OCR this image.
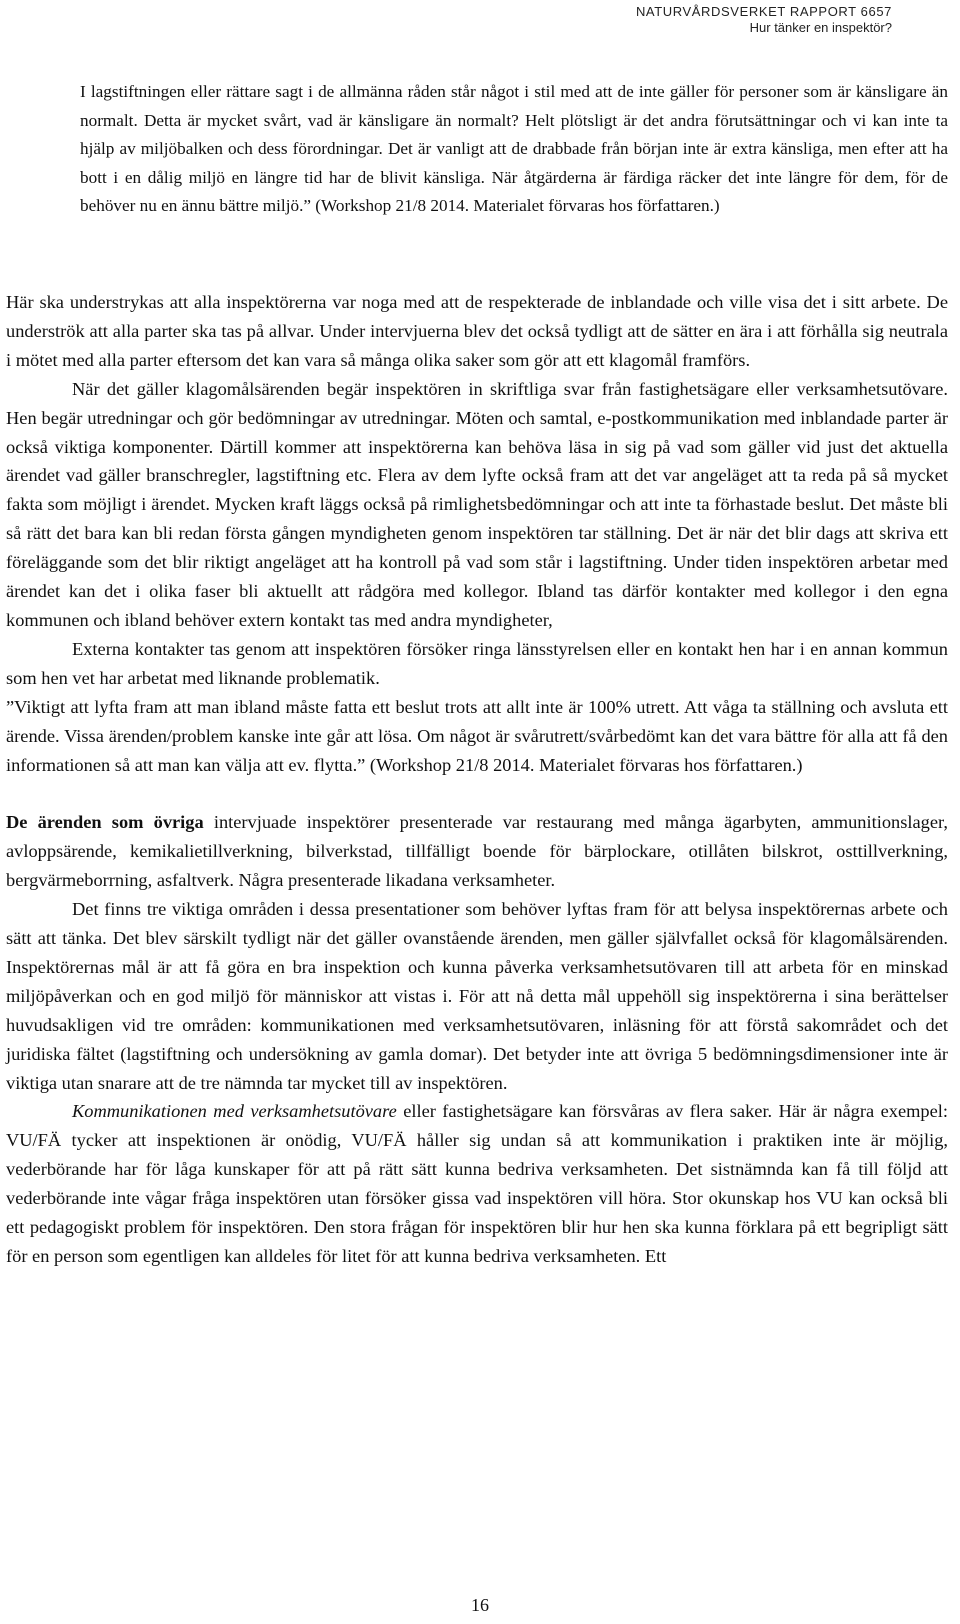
NATURVÅRDSVERKET RAPPORT 6657
Hur tänker en inspektör?

I lagstiftningen eller rättare sagt i de allmänna råden står något i stil med att de inte gäller för personer som är känsligare än normalt. Detta är mycket svårt, vad är känsligare än normalt? Helt plötsligt är det andra förutsättningar och vi kan inte ta hjälp av miljöbalken och dess förordningar. Det är vanligt att de drabbade från början inte är extra känsliga, men efter att ha bott i en dålig miljö en längre tid har de blivit känsliga. När åtgärderna är färdiga räcker det inte längre för dem, för de behöver nu en ännu bättre miljö.” (Workshop 21/8 2014. Materialet förvaras hos författaren.)

Här ska understrykas att alla inspektörerna var noga med att de respekterade de inblandade och ville visa det i sitt arbete. De underströk att alla parter ska tas på allvar. Under intervjuerna blev det också tydligt att de sätter en ära i att förhålla sig neutrala i mötet med alla parter eftersom det kan vara så många olika saker som gör att ett klagomål framförs.

När det gäller klagomålsärenden begär inspektören in skriftliga svar från fastighetsägare eller verksamhetsutövare. Hen begär utredningar och gör bedömningar av utredningar. Möten och samtal, e-postkommunikation med inblandade parter är också viktiga komponenter. Därtill kommer att inspektörerna kan behöva läsa in sig på vad som gäller vid just det aktuella ärendet vad gäller branschregler, lagstiftning etc. Flera av dem lyfte också fram att det var angeläget att ta reda på så mycket fakta som möjligt i ärendet. Mycken kraft läggs också på rimlighetsbedömningar och att inte ta förhastade beslut. Det måste bli så rätt det bara kan bli redan första gången myndigheten genom inspektören tar ställning. Det är när det blir dags att skriva ett föreläggande som det blir riktigt angeläget att ha kontroll på vad som står i lagstiftning. Under tiden inspektören arbetar med ärendet kan det i olika faser bli aktuellt att rådgöra med kollegor. Ibland tas därför kontakter med kollegor i den egna kommunen och ibland behöver extern kontakt tas med andra myndigheter,

Externa kontakter tas genom att inspektören försöker ringa länsstyrelsen eller en kontakt hen har i en annan kommun som hen vet har arbetat med liknande problematik.

”Viktigt att lyfta fram att man ibland måste fatta ett beslut trots att allt inte är 100% utrett. Att våga ta ställning och avsluta ett ärende. Vissa ärenden/problem kanske inte går att lösa. Om något är svårutrett/svårbedömt kan det vara bättre för alla att få den informationen så att man kan välja att ev. flytta.” (Workshop 21/8 2014. Materialet förvaras hos författaren.)

De ärenden som övriga intervjuade inspektörer presenterade var restaurang med många ägarbyten, ammunitionslager, avloppsärende, kemikalietillverkning, bilverkstad, tillfälligt boende för bärplockare, otillåten bilskrot, osttillverkning, bergvärmeborrning, asfaltverk. Några presenterade likadana verksamheter.

Det finns tre viktiga områden i dessa presentationer som behöver lyftas fram för att belysa inspektörernas arbete och sätt att tänka. Det blev särskilt tydligt när det gäller ovanstående ärenden, men gäller självfallet också för klagomålsärenden. Inspektörernas mål är att få göra en bra inspektion och kunna påverka verksamhetsutövaren till att arbeta för en minskad miljöpåverkan och en god miljö för människor att vistas i. För att nå detta mål uppehöll sig inspektörerna i sina berättelser huvudsakligen vid tre områden: kommunikationen med verksamhetsutövaren, inläsning för att förstå sakområdet och det juridiska fältet (lagstiftning och undersökning av gamla domar). Det betyder inte att övriga 5 bedömningsdimensioner inte är viktiga utan snarare att de tre nämnda tar mycket till av inspektören.

Kommunikationen med verksamhetsutövare eller fastighetsägare kan försvåras av flera saker. Här är några exempel: VU/FÄ tycker att inspektionen är onödig, VU/FÄ håller sig undan så att kommunikation i praktiken inte är möjlig, vederbörande har för låga kunskaper för att på rätt sätt kunna bedriva verksamheten. Det sistnämnda kan få till följd att vederbörande inte vågar fråga inspektören utan försöker gissa vad inspektören vill höra. Stor okunskap hos VU kan också bli ett pedagogiskt problem för inspektören. Den stora frågan för inspektören blir hur hen ska kunna förklara på ett begripligt sätt för en person som egentligen kan alldeles för litet för att kunna bedriva verksamheten. Ett

16
